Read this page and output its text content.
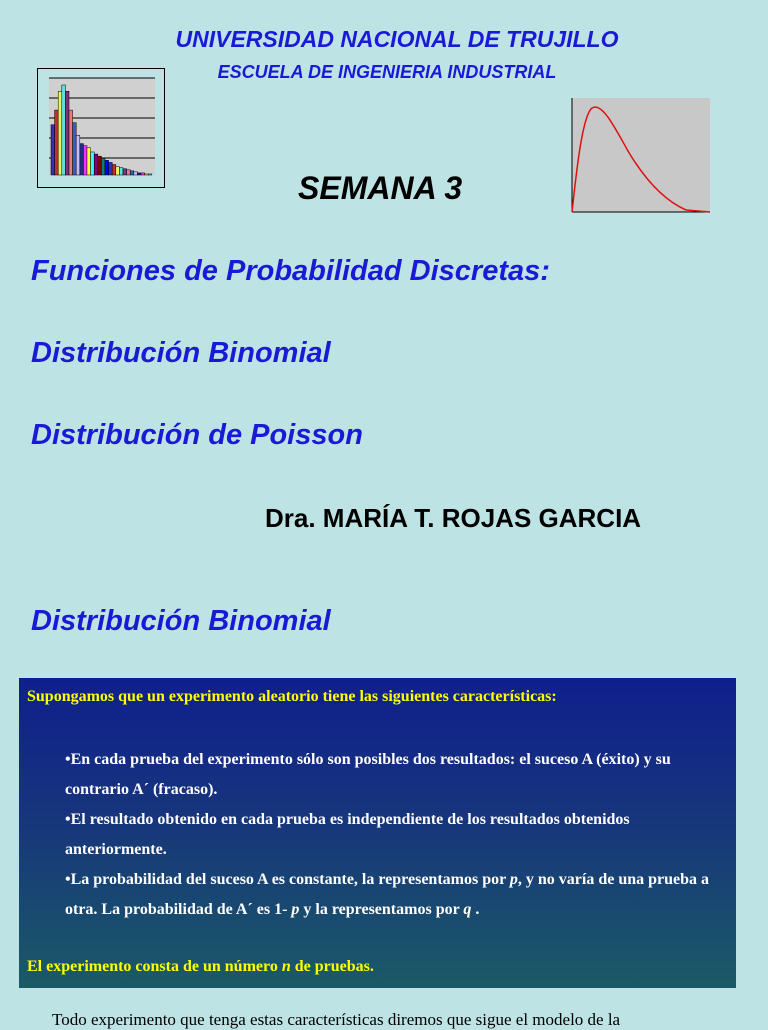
UNIVERSIDAD NACIONAL DE TRUJILLO
ESCUELA DE INGENIERIA INDUSTRIAL
SEMANA 3
Funciones de Probabilidad Discretas:
Distribución Binomial
Distribución de Poisson
Dra. MARÍA T. ROJAS GARCIA
Distribución Binomial
Supongamos que un experimento aleatorio tiene las siguientes características:
•En cada prueba del experimento sólo son posibles dos resultados: el suceso A (éxito) y su contrario A´ (fracaso).
•El resultado obtenido en cada prueba es independiente de los resultados obtenidos anteriormente.
•La probabilidad del suceso A es constante, la representamos por p, y no varía de una prueba a otra. La probabilidad de A´ es 1- p y la representamos por q .
El experimento consta de un número n de pruebas.
Todo experimento que tenga estas características diremos que sigue el modelo de la
